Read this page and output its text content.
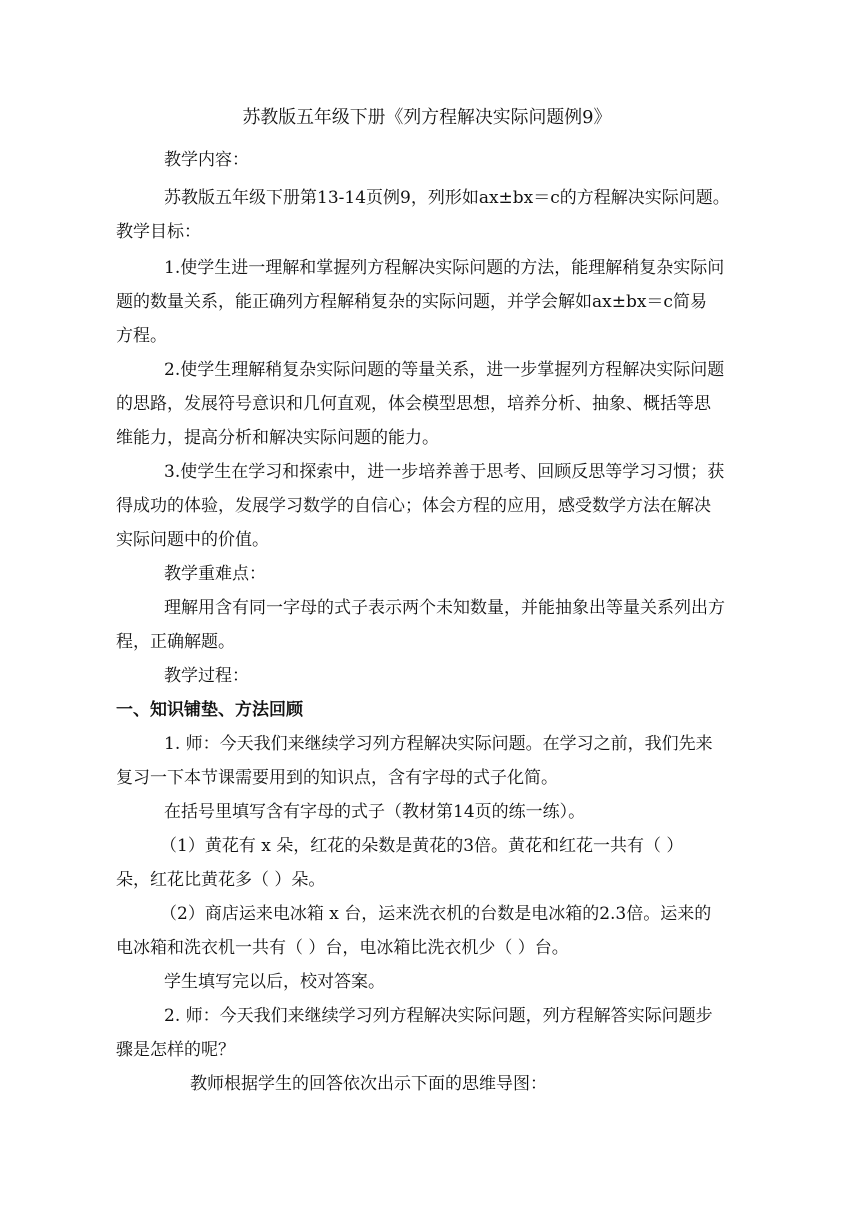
苏教版五年级下册《列方程解决实际问题例9》
教学内容：
苏教版五年级下册第13-14页例9，列形如ax±bx＝c的方程解决实际问题。
教学目标：
1.使学生进一理解和掌握列方程解决实际问题的方法，能理解稍复杂实际问
题的数量关系，能正确列方程解稍复杂的实际问题，并学会解如ax±bx＝c简易
方程。
2.使学生理解稍复杂实际问题的等量关系，进一步掌握列方程解决实际问题
的思路，发展符号意识和几何直观，体会模型思想，培养分析、抽象、概括等思
维能力，提高分析和解决实际问题的能力。
3.使学生在学习和探索中，进一步培养善于思考、回顾反思等学习习惯；获
得成功的体验，发展学习数学的自信心；体会方程的应用，感受数学方法在解决
实际问题中的价值。
教学重难点：
理解用含有同一字母的式子表示两个未知数量，并能抽象出等量关系列出方
程，正确解题。
教学过程：
一、知识铺垫、方法回顾
1. 师：今天我们来继续学习列方程解决实际问题。在学习之前，我们先来
复习一下本节课需要用到的知识点，含有字母的式子化简。
在括号里填写含有字母的式子（教材第14页的练一练）。
（1）黄花有 x 朵，红花的朵数是黄花的3倍。黄花和红花一共有（ ）
朵，红花比黄花多（ ）朵。
（2）商店运来电冰箱 x 台，运来洗衣机的台数是电冰箱的2.3倍。运来的
电冰箱和洗衣机一共有（ ）台，电冰箱比洗衣机少（ ）台。
学生填写完以后，校对答案。
2. 师：今天我们来继续学习列方程解决实际问题，列方程解答实际问题步
骤是怎样的呢？
教师根据学生的回答依次出示下面的思维导图：
